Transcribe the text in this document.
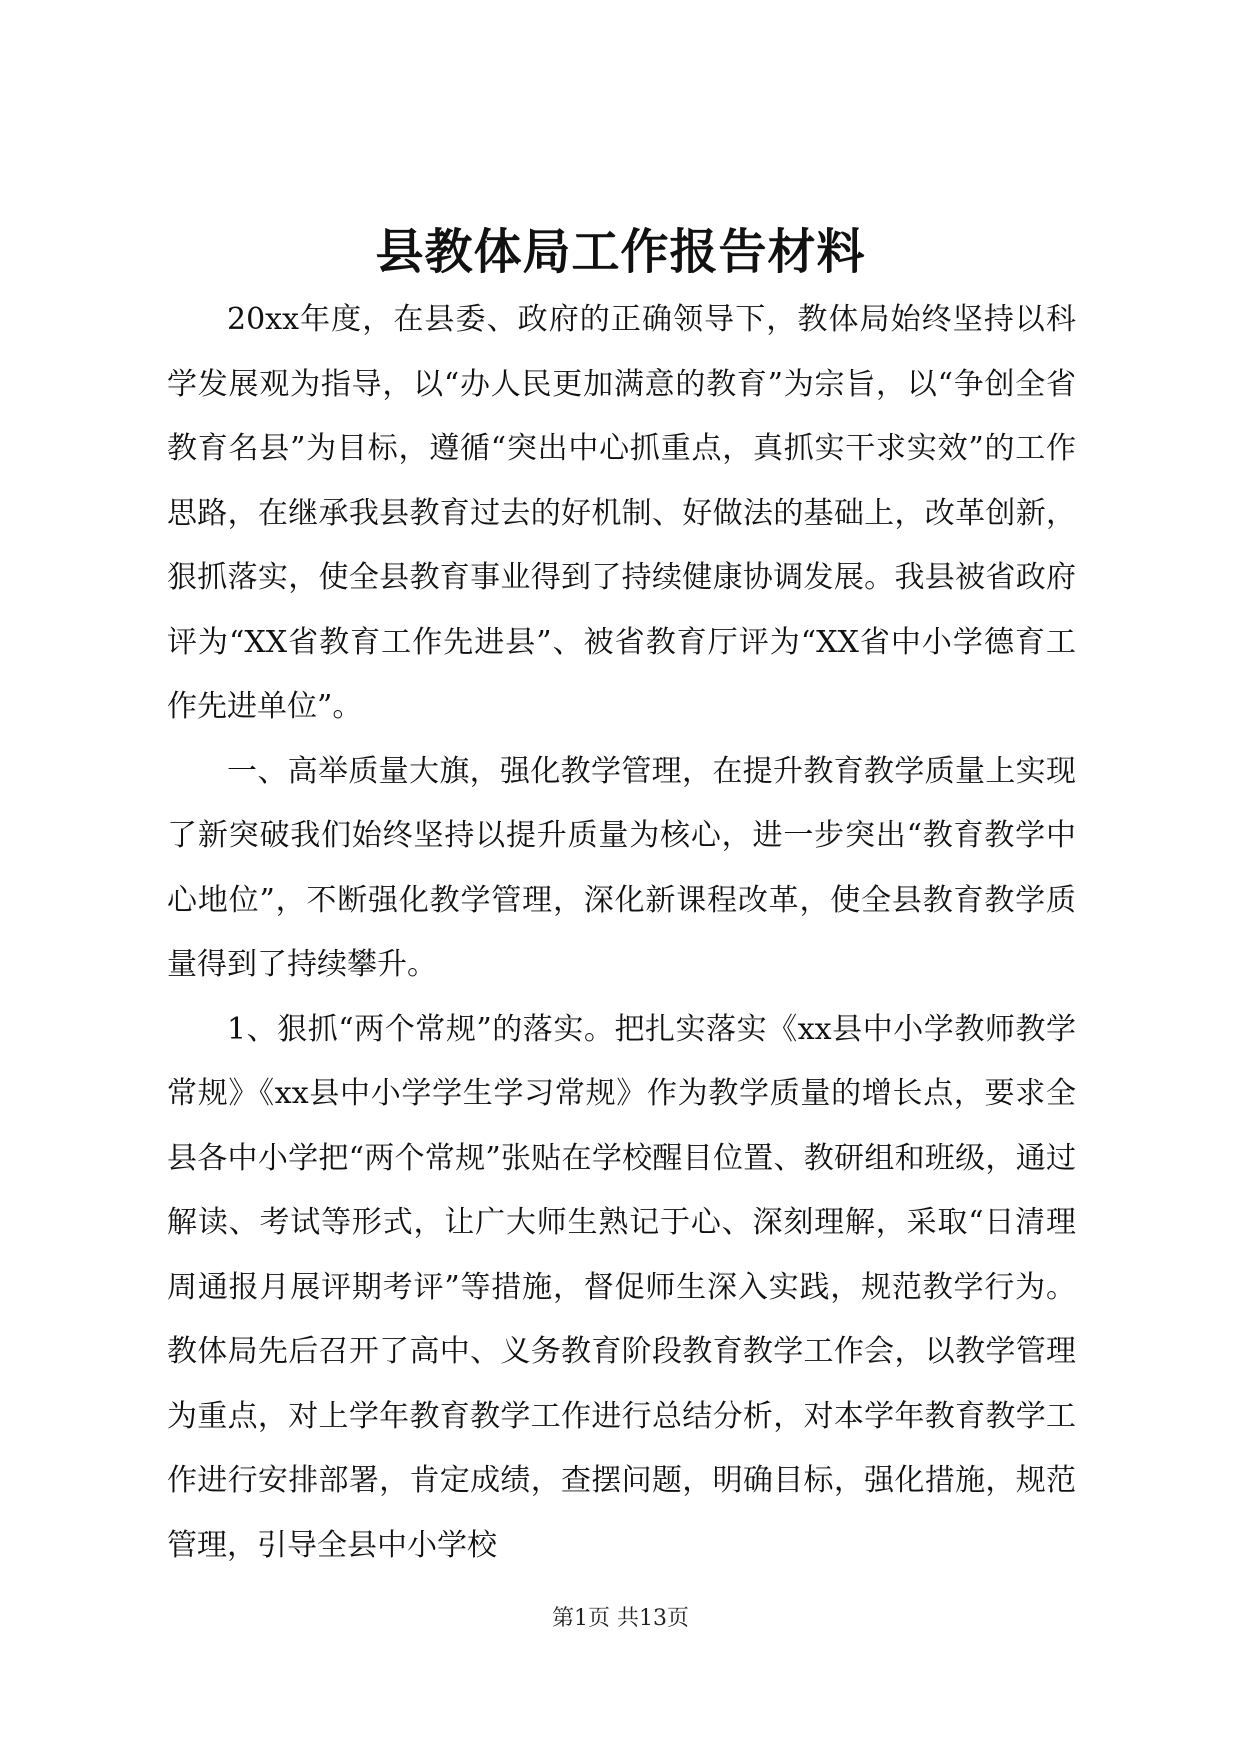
县教体局工作报告材料

20xx年度，在县委、政府的正确领导下，教体局始终坚持以科学发展观为指导，以“办人民更加满意的教育”为宗旨，以“争创全省教育名县”为目标，遵循“突出中心抓重点，真抓实干求实效”的工作思路，在继承我县教育过去的好机制、好做法的基础上，改革创新，狠抓落实，使全县教育事业得到了持续健康协调发展。我县被省政府评为“XX省教育工作先进县”、被省教育厅评为“XX省中小学德育工作先进单位”。

一、高举质量大旗，强化教学管理，在提升教育教学质量上实现了新突破我们始终坚持以提升质量为核心，进一步突出“教育教学中心地位”，不断强化教学管理，深化新课程改革，使全县教育教学质量得到了持续攀升。

1、狠抓“两个常规”的落实。把扎实落实《xx县中小学教师教学常规》《xx县中小学学生学习常规》作为教学质量的增长点，要求全县各中小学把“两个常规”张贴在学校醒目位置、教研组和班级，通过解读、考试等形式，让广大师生熟记于心、深刻理解，采取“日清理周通报月展评期考评”等措施，督促师生深入实践，规范教学行为。教体局先后召开了高中、义务教育阶段教育教学工作会，以教学管理为重点，对上学年教育教学工作进行总结分析，对本学年教育教学工作进行安排部署，肯定成绩，查摆问题，明确目标，强化措施，规范管理，引导全县中小学校

第1页 共13页
